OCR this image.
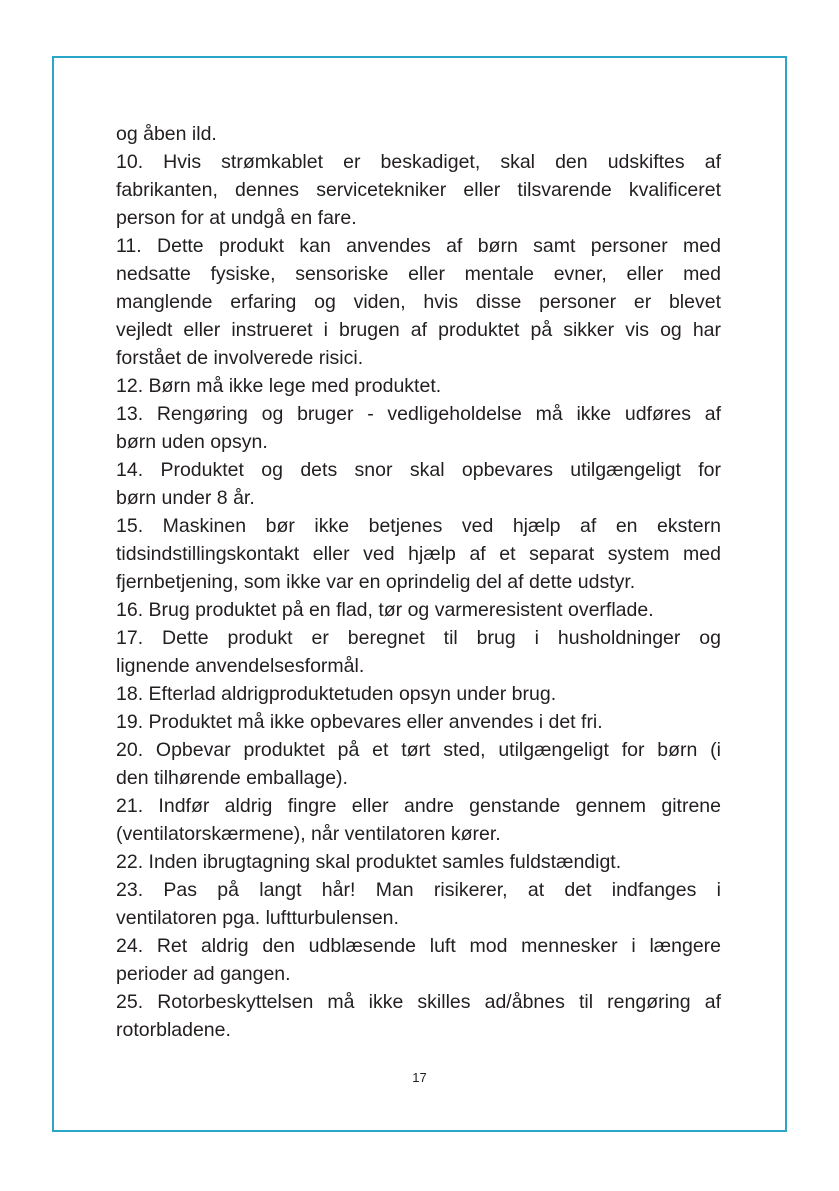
og åben ild.
10. Hvis strømkablet er beskadiget, skal den udskiftes af
fabrikanten, dennes servicetekniker eller tilsvarende kvalificeret
person for at undgå en fare.
11. Dette produkt kan anvendes af børn samt personer med
nedsatte fysiske, sensoriske eller mentale evner, eller med
manglende erfaring og viden, hvis disse personer er blevet
vejledt eller instrueret i brugen af produktet på sikker vis og har
forstået de involverede risici.
12. Børn må ikke lege med produktet.
13. Rengøring og bruger - vedligeholdelse må ikke udføres af
børn uden opsyn.
14. Produktet og dets snor skal opbevares utilgængeligt for
børn under 8 år.
15. Maskinen bør ikke betjenes ved hjælp af en ekstern
tidsindstillingskontakt eller ved hjælp af et separat system med
fjernbetjening, som ikke var en oprindelig del af dette udstyr.
16. Brug produktet på en flad, tør og varmeresistent overflade.
17. Dette produkt er beregnet til brug i husholdninger og
lignende anvendelsesformål.
18. Efterlad aldrigproduktetuden opsyn under brug.
19. Produktet må ikke opbevares eller anvendes i det fri.
20. Opbevar produktet på et tørt sted, utilgængeligt for børn (i
den tilhørende emballage).
21. Indfør aldrig fingre eller andre genstande gennem gitrene
(ventilatorskærmene), når ventilatoren kører.
22. Inden ibrugtagning skal produktet samles fuldstændigt.
23. Pas på langt hår! Man risikerer, at det indfanges i
ventilatoren pga. luftturbulensen.
24. Ret aldrig den udblæsende luft mod mennesker i længere
perioder ad gangen.
25. Rotorbeskyttelsen må ikke skilles ad/åbnes til rengøring af
rotorbladene.
17
